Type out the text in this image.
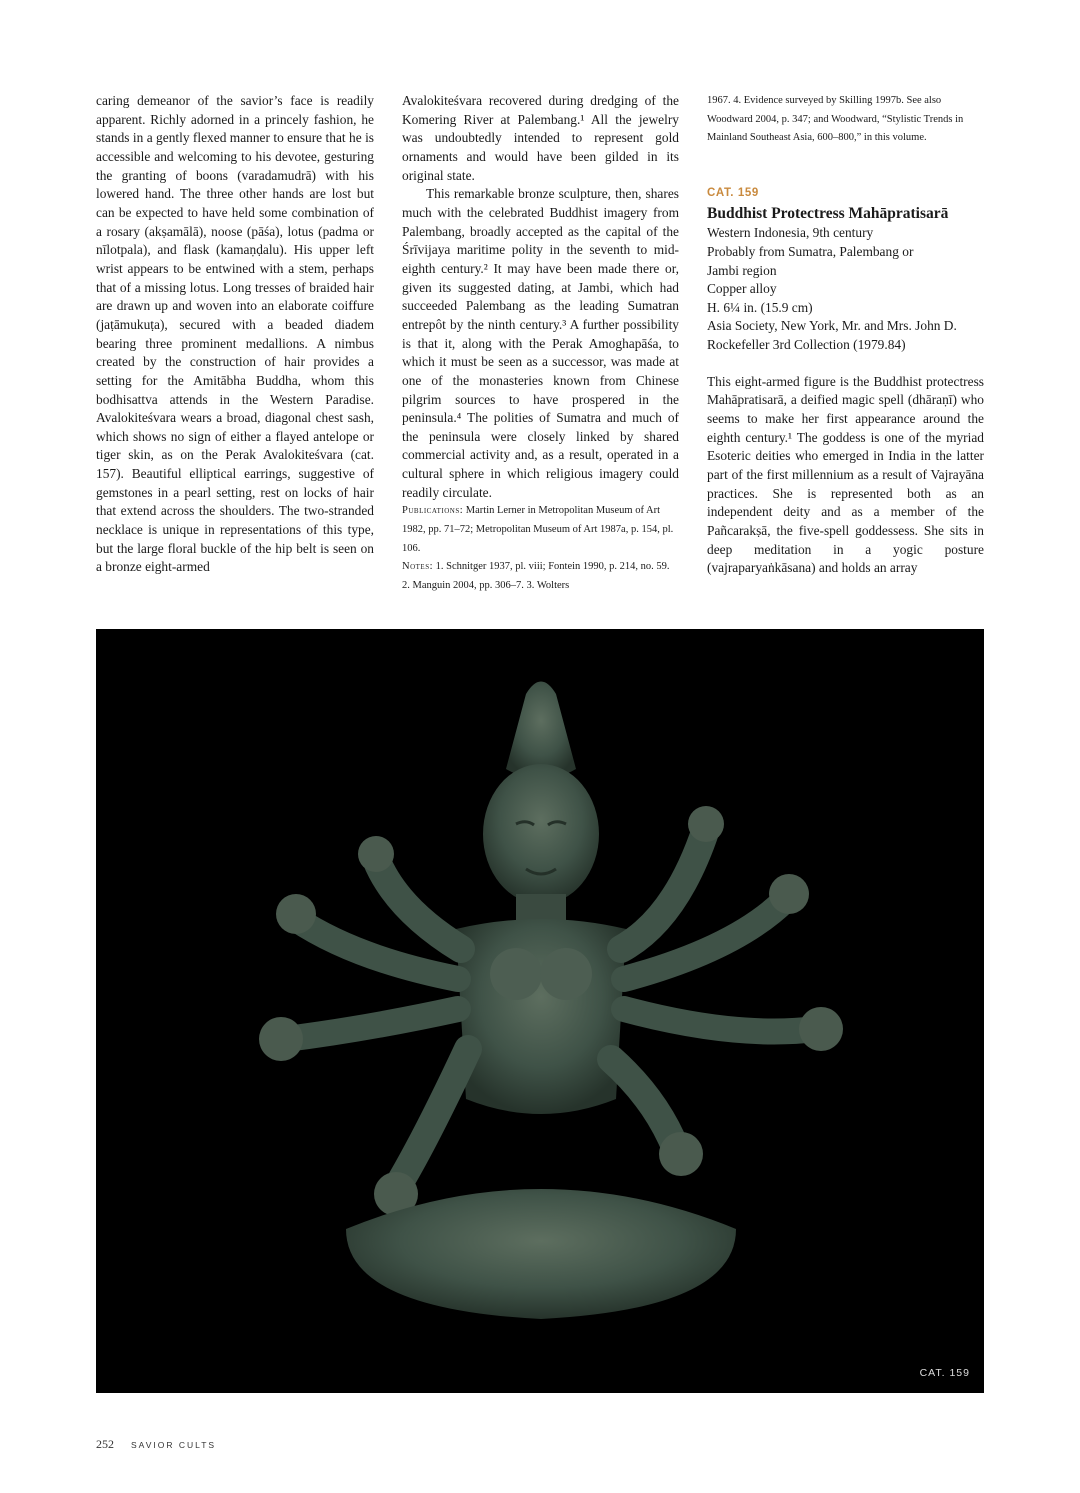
caring demeanor of the savior’s face is readily apparent. Richly adorned in a princely fashion, he stands in a gently flexed manner to ensure that he is accessible and welcoming to his devotee, gesturing the granting of boons (varadamudrā) with his lowered hand. The three other hands are lost but can be expected to have held some combination of a rosary (akṣamālā), noose (pāśa), lotus (padma or nīlotpala), and flask (kamaṇḍalu). His upper left wrist appears to be entwined with a stem, perhaps that of a missing lotus. Long tresses of braided hair are drawn up and woven into an elaborate coiffure (jaṭāmukuṭa), secured with a beaded diadem bearing three prominent medallions. A nimbus created by the construction of hair provides a setting for the Amitābha Buddha, whom this bodhisattva attends in the Western Paradise. Avalokiteśvara wears a broad, diagonal chest sash, which shows no sign of either a flayed antelope or tiger skin, as on the Perak Avalokiteśvara (cat. 157). Beautiful elliptical earrings, suggestive of gemstones in a pearl setting, rest on locks of hair that extend across the shoulders. The two-stranded necklace is unique in representations of this type, but the large floral buckle of the hip belt is seen on a bronze eight-armed

Avalokiteśvara recovered during dredging of the Komering River at Palembang.¹ All the jewelry was undoubtedly intended to represent gold ornaments and would have been gilded in its original state.

This remarkable bronze sculpture, then, shares much with the celebrated Buddhist imagery from Palembang, broadly accepted as the capital of the Śrīvijaya maritime polity in the seventh to mid-eighth century.² It may have been made there or, given its suggested dating, at Jambi, which had succeeded Palembang as the leading Sumatran entrepôt by the ninth century.³ A further possibility is that it, along with the Perak Amoghapāśa, to which it must be seen as a successor, was made at one of the monasteries known from Chinese pilgrim sources to have prospered in the peninsula.⁴ The polities of Sumatra and much of the peninsula were closely linked by shared commercial activity and, as a result, operated in a cultural sphere in which religious imagery could readily circulate.

Publications: Martin Lerner in Metropolitan Museum of Art 1982, pp. 71–72; Metropolitan Museum of Art 1987a, p. 154, pl. 106.

Notes: 1. Schnitger 1937, pl. viii; Fontein 1990, p. 214, no. 59. 2. Manguin 2004, pp. 306–7. 3. Wolters

1967. 4. Evidence surveyed by Skilling 1997b. See also Woodward 2004, p. 347; and Woodward, “Stylistic Trends in Mainland Southeast Asia, 600–800,” in this volume.

CAT. 159
Buddhist Protectress Mahāpratisarā
Western Indonesia, 9th century
Probably from Sumatra, Palembang or
Jambi region
Copper alloy
H. 6¼ in. (15.9 cm)
Asia Society, New York, Mr. and Mrs. John D.
Rockefeller 3rd Collection (1979.84)

This eight-armed figure is the Buddhist protectress Mahāpratisarā, a deified magic spell (dhāraṇī) who seems to make her first appearance around the eighth century.¹ The goddess is one of the myriad Esoteric deities who emerged in India in the latter part of the first millennium as a result of Vajrayāna practices. She is represented both as an independent deity and as a member of the Pañcarakṣā, the five-spell goddessess. She sits in deep meditation in a yogic posture (vajraparyaṅkāsana) and holds an array

CAT. 159
252 SAVIOR CULTS
